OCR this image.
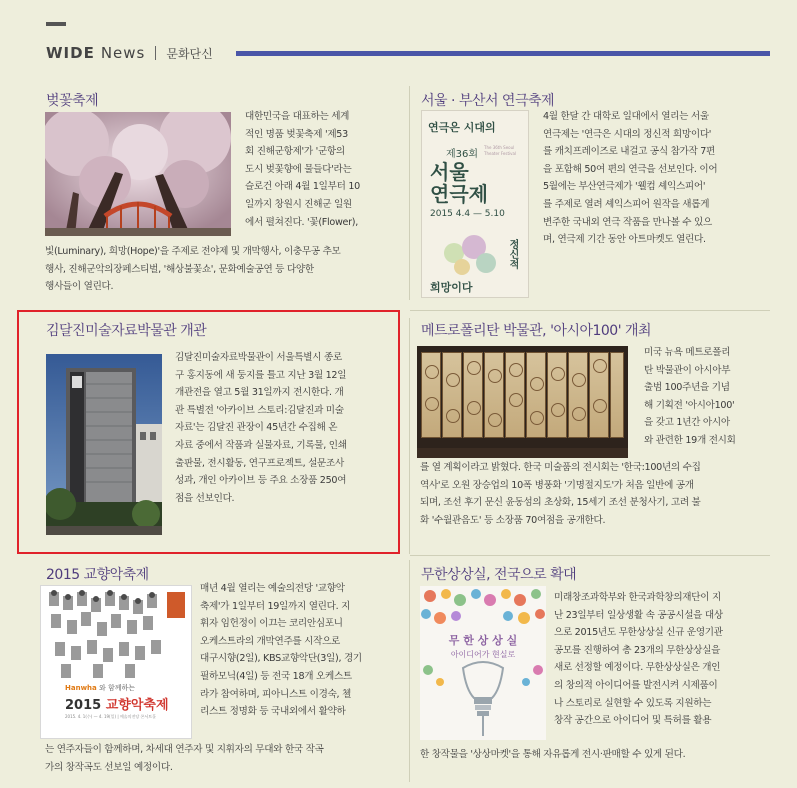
WIDE News 문화단신
벚꽃축제
대한민국을 대표하는 세계
적인 명품 벚꽃축제 '제53
회 진해군항제'가 '군항의
도시 벚꽃향에 물들다'라는
슬로건 아래 4월 1일부터 10
일까지 창원시 진해군 일원
에서 펼쳐진다. '꽃(Flower),
빛(Luminary), 희망(Hope)'을 주제로 전야제 및 개막행사, 이충무공 추모
행사, 진해군악의장페스티벌, '해상불꽃쇼', 문화예술공연 등 다양한
행사들이 열린다.
서울 · 부산서 연극축제
연극은 시대의
제36회
The 36th Seoul Theater Festival
서울
연극제
2015 4.4 — 5.10
정신적
희망이다
4월 한달 간 대학로 일대에서 열리는 서울
연극제는 '연극은 시대의 정신적 희망이다'
를 캐치프레이즈로 내걸고 공식 참가작 7편
을 포함해 50여 편의 연극을 선보인다. 이어
5월에는 부산연극제가 '웰컴 셰익스피어'
를 주제로 열려 셰익스피어 원작을 새롭게
변주한 국내외 연극 작품을 만나볼 수 있으
며, 연극제 기간 동안 아트마켓도 열린다.
김달진미술자료박물관 개관
김달진미술자료박물관이 서울특별시 종로
구 홍지동에 새 둥지를 틀고 지난 3월 12일
개관전을 열고 5월 31일까지 전시한다. 개
관 특별전 '아카이브 스토리:김달진과 미술
자료'는 김달진 관장이 45년간 수집해 온
자료 중에서 작품과 실물자료, 기록물, 인쇄
출판물, 전시활동, 연구프로젝트, 설문조사
성과, 개인 아카이브 등 주요 소장품 250여
점을 선보인다.
메트로폴리탄 박물관, '아시아100' 개최
미국 뉴욕 메트로폴리
탄 박물관이 아시아부
출범 100주년을 기념
해 기획전 '아시아100'
을 갖고 1년간 아시아
와 관련한 19개 전시회
를 열 계획이라고 밝혔다. 한국 미술품의 전시회는 '한국:100년의 수집
역사'로 오원 장승업의 10폭 병풍화 '기명절지도'가 처음 일반에 공개
되며, 조선 후기 문신 윤동섬의 초상화, 15세기 조선 분청사기, 고려 불
화 '수월관음도' 등 소장품 70여점을 공개한다.
2015 교향악축제
Hanwha 와 함께하는
2015 교향악축제
2015. 4. 1(수) — 4. 19(일) | 예술의전당 콘서트홀
매년 4월 열리는 예술의전당 '교향악
축제'가 1일부터 19일까지 열린다. 지
휘자 임헌정이 이끄는 코리안심포니
오케스트라의 개막연주를 시작으로
대구시향(2일), KBS교향악단(3일), 경기
필하모닉(4일) 등 전국 18개 오케스트
라가 참여하며, 피아니스트 이경숙, 첼
리스트 정명화 등 국내외에서 활약하
는 연주자들이 함께하며, 차세대 연주자 및 지휘자의 무대와 한국 작곡
가의 창작곡도 선보일 예정이다.
무한상상실, 전국으로 확대
무 한 상 상 실
아이디어가 현실로
미래창조과학부와 한국과학창의재단이 지
난 23일부터 일상생활 속 공공시설을 대상
으로 2015년도 무한상상실 신규 운영기관
공모를 진행하여 총 23개의 무한상상실을
새로 선정할 예정이다. 무한상상실은 개인
의 창의적 아이디어를 발전시켜 시제품이
나 스토리로 실현할 수 있도록 지원하는
창작 공간으로 아이디어 및 특허를 활용
한 창작물을 '상상마켓'을 통해 자유롭게 전시·판매할 수 있게 된다.
